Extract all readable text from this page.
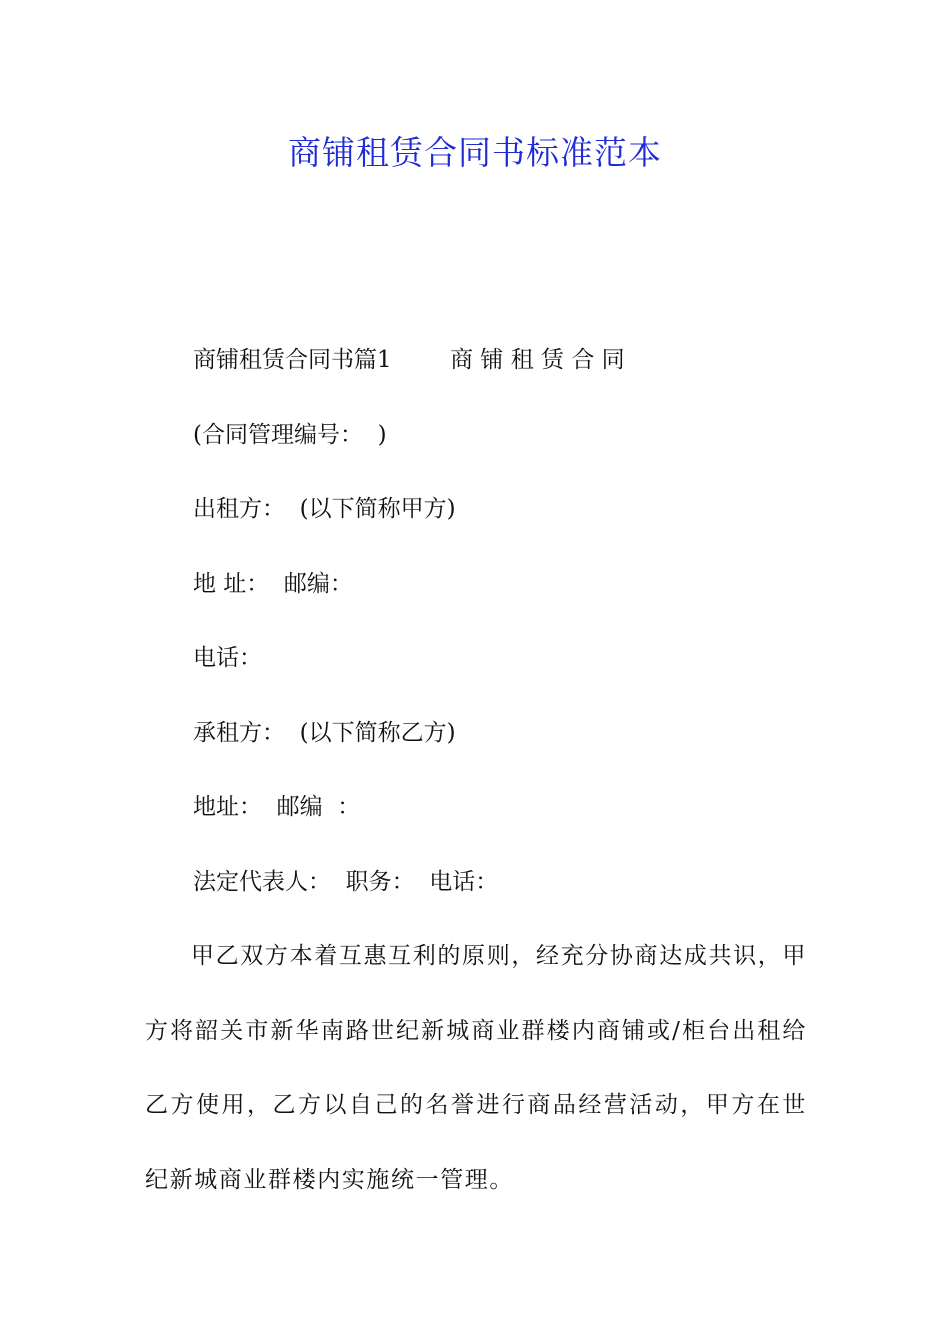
商铺租赁合同书标准范本

商铺租赁合同书篇1        商 铺 租 赁 合 同

(合同管理编号：  )

出租方：  (以下简称甲方)

地 址：  邮编：

电话：

承租方：  (以下简称乙方)

地址：  邮编  ：

法定代表人：  职务：  电话：

甲乙双方本着互惠互利的原则，经充分协商达成共识，甲方将韶关市新华南路世纪新城商业群楼内商铺或/柜台出租给乙方使用，乙方以自己的名誉进行商品经营活动，甲方在世纪新城商业群楼内实施统一管理。
